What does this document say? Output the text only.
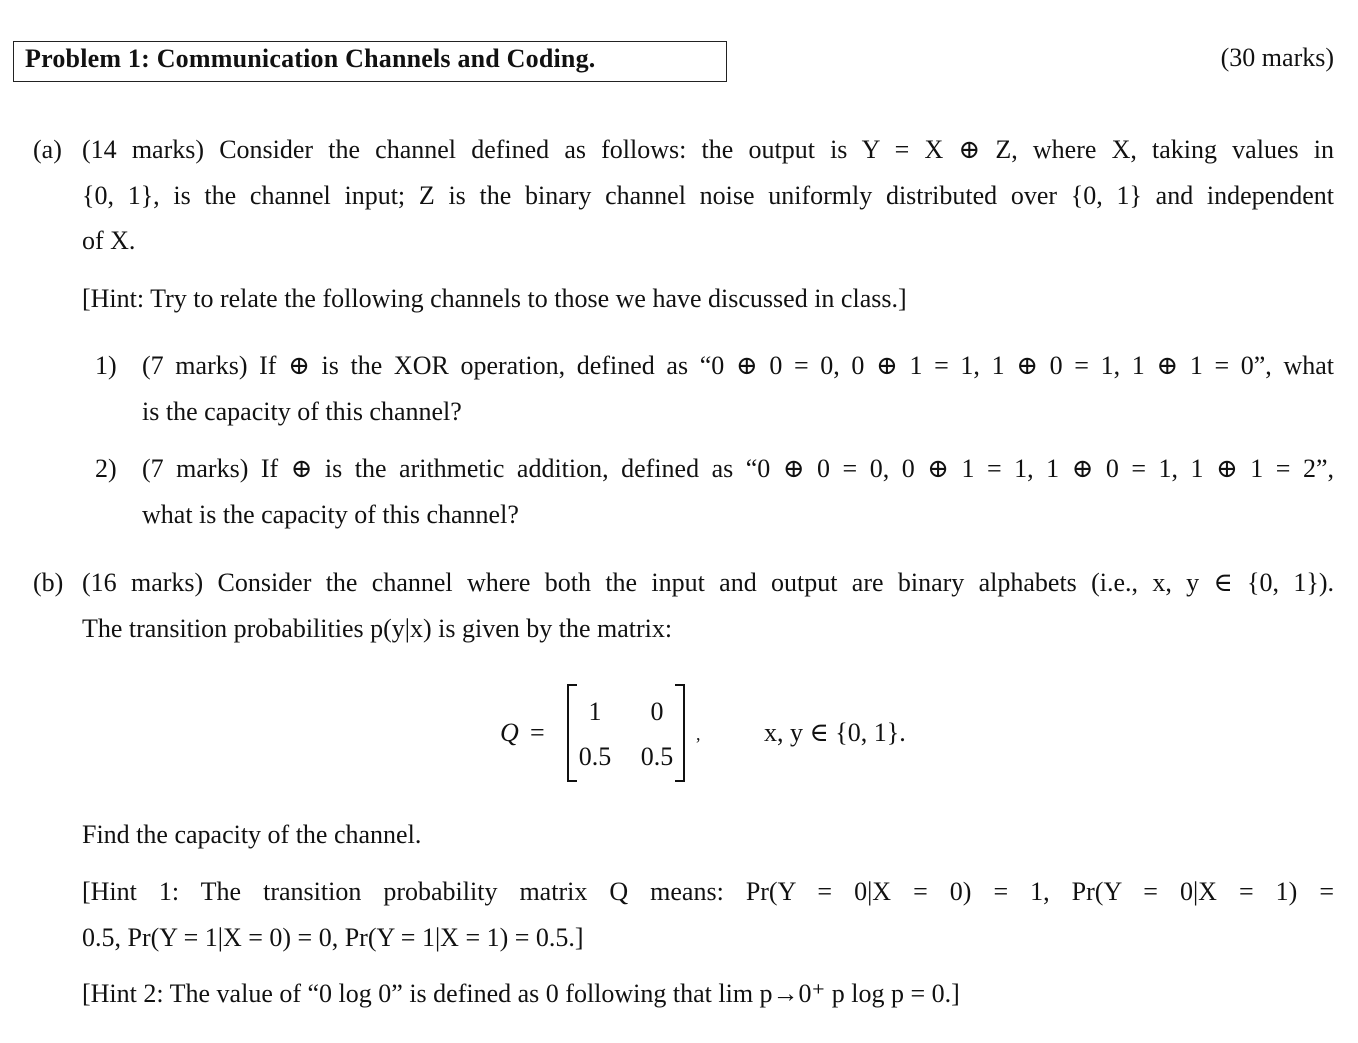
Problem 1: Communication Channels and Coding.	(30 marks)
(a) (14 marks) Consider the channel defined as follows: the output is Y = X ⊕ Z, where X, taking values in
{0, 1}, is the channel input; Z is the binary channel noise uniformly distributed over {0, 1} and independent
of X.
[Hint: Try to relate the following channels to those we have discussed in class.]
1) (7 marks) If ⊕ is the XOR operation, defined as “0 ⊕ 0 = 0, 0 ⊕ 1 = 1, 1 ⊕ 0 = 1, 1 ⊕ 1 = 0”, what
is the capacity of this channel?
2) (7 marks) If ⊕ is the arithmetic addition, defined as “0 ⊕ 0 = 0, 0 ⊕ 1 = 1, 1 ⊕ 0 = 1, 1 ⊕ 1 = 2”,
what is the capacity of this channel?
(b) (16 marks) Consider the channel where both the input and output are binary alphabets (i.e., x, y ∈ {0, 1}).
The transition probabilities p(y|x) is given by the matrix:
Q =
1	0
0.5	0.5
, x, y ∈ {0, 1}.
Find the capacity of the channel.
[Hint 1: The transition probability matrix Q means: Pr(Y = 0|X = 0) = 1, Pr(Y = 0|X = 1) =
0.5, Pr(Y = 1|X = 0) = 0, Pr(Y = 1|X = 1) = 0.5.]
[Hint 2: The value of “0 log 0” is defined as 0 following that lim p→0⁺ p log p = 0.]
